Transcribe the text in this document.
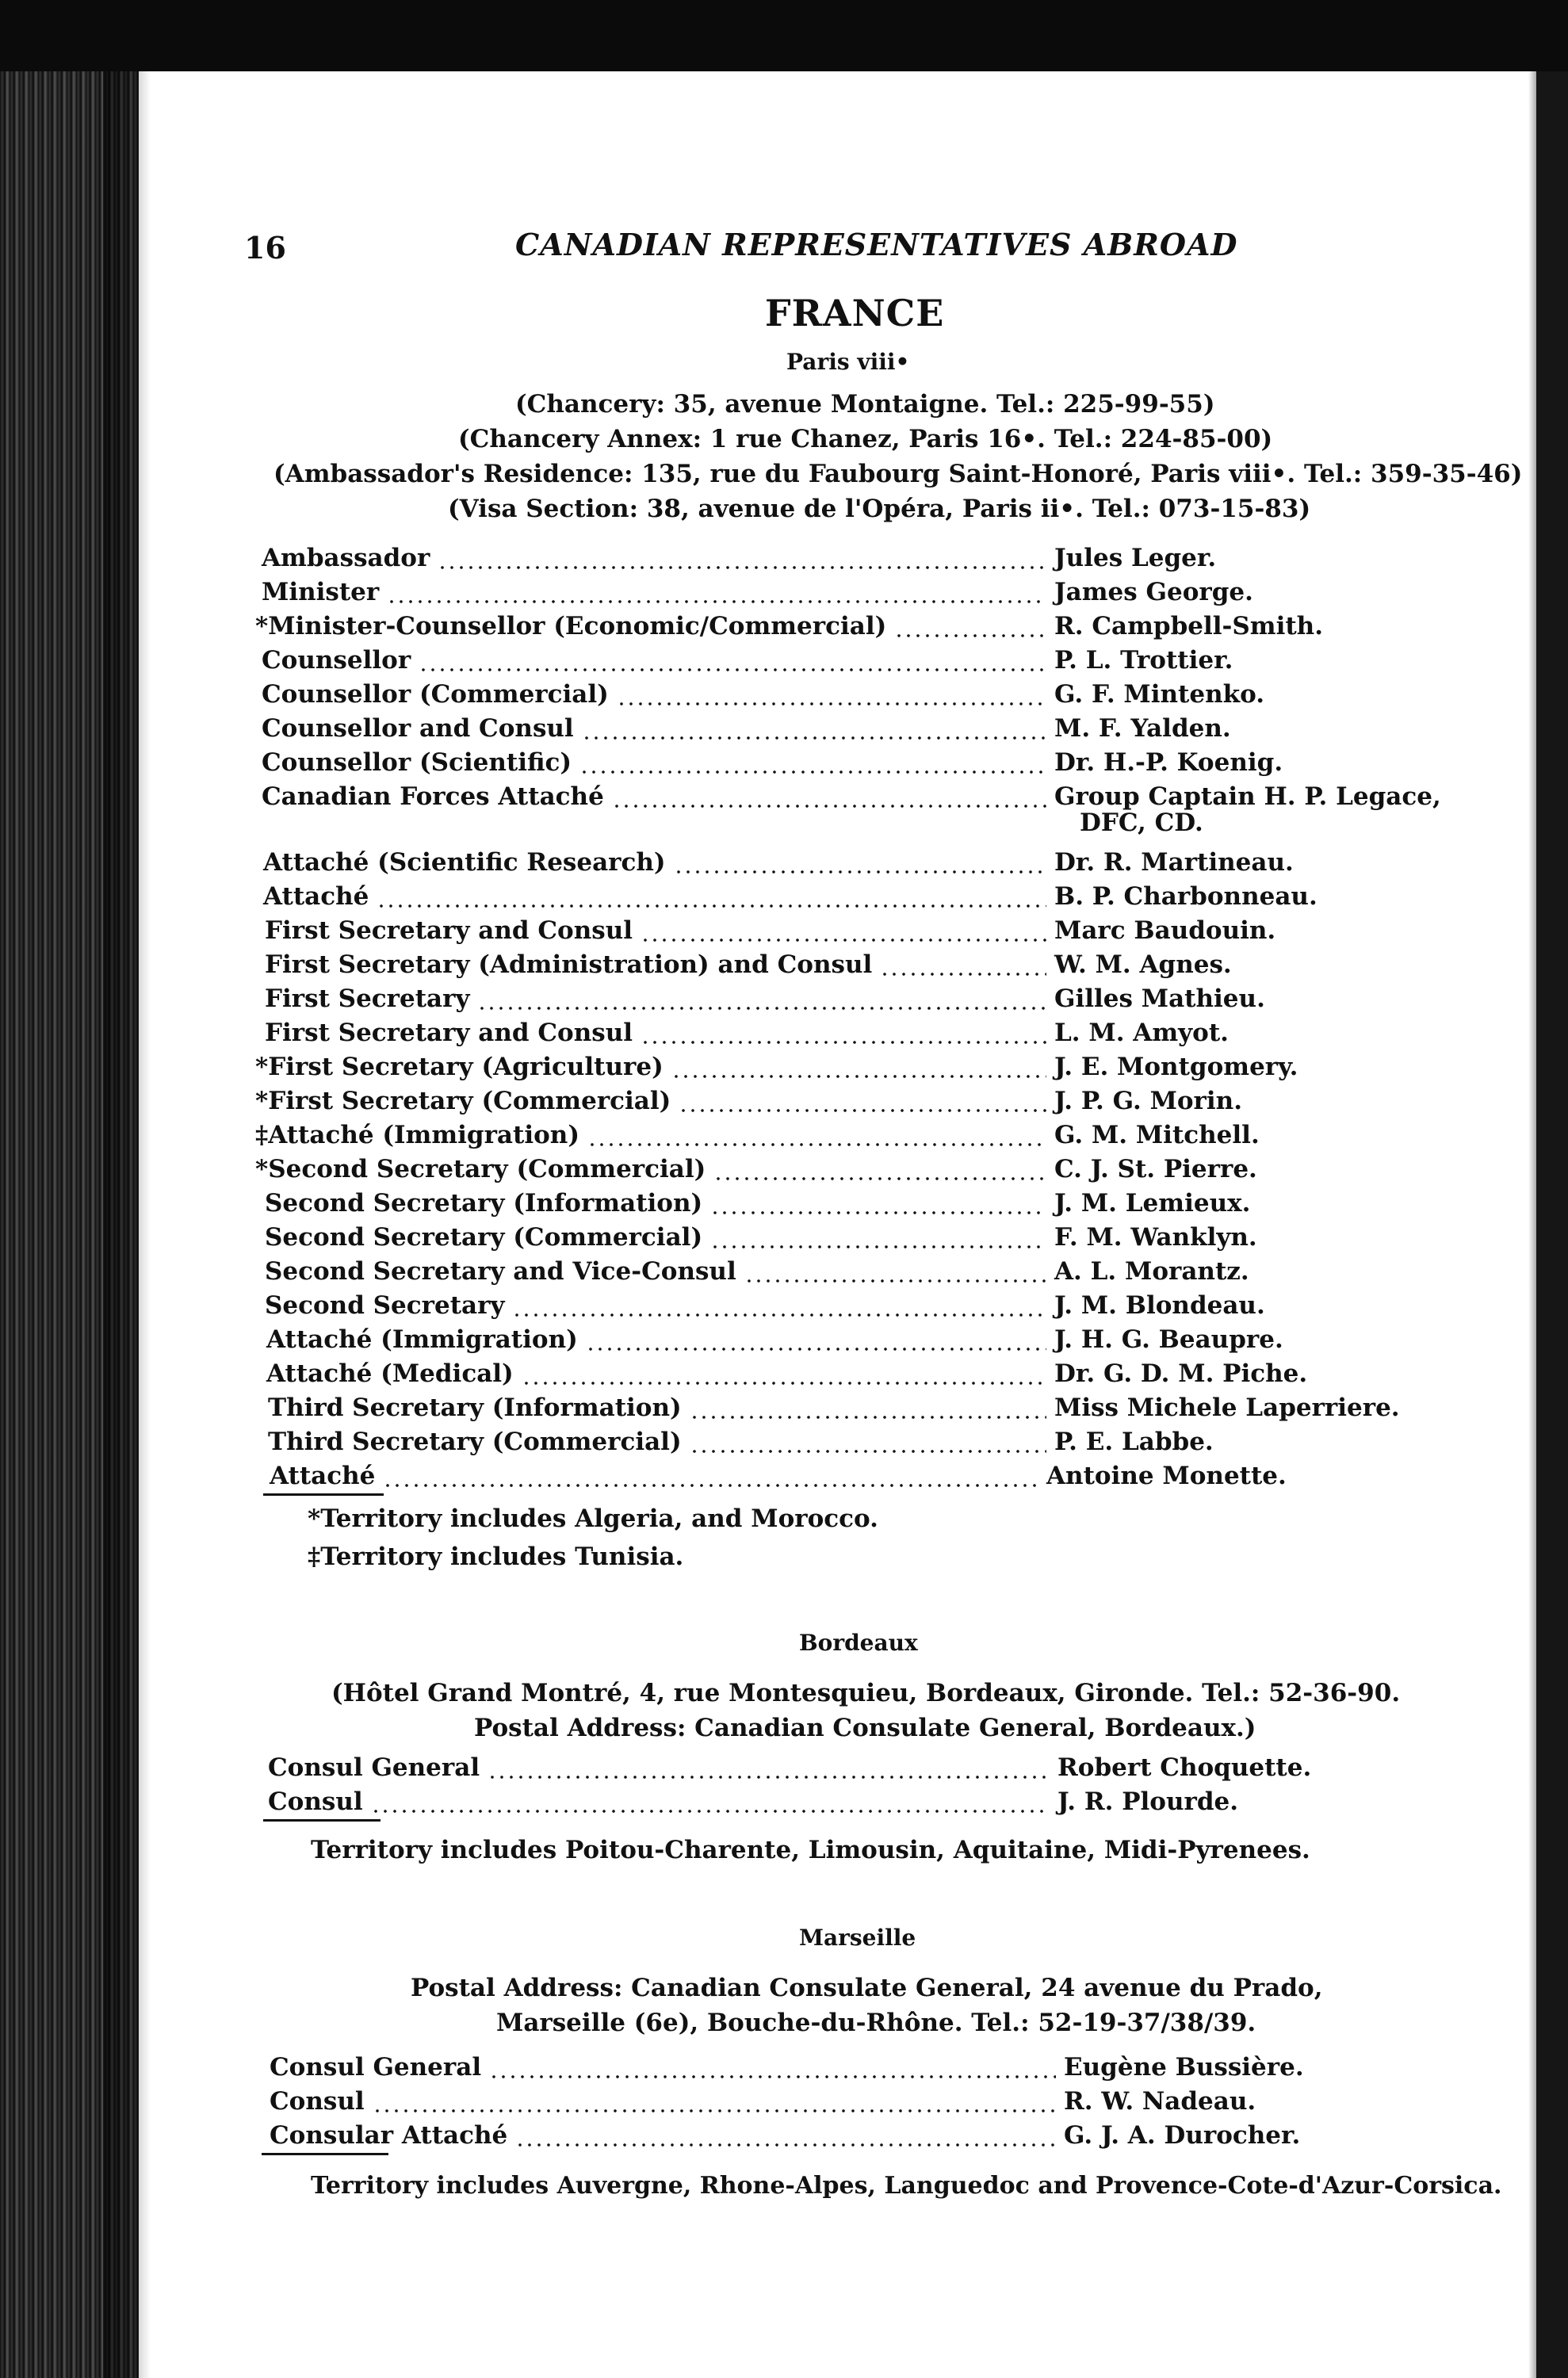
16	CANADIAN REPRESENTATIVES ABROAD
FRANCE
Paris viii•
(Chancery: 35, avenue Montaigne. Tel.: 225-99-55)
(Chancery Annex: 1 rue Chanez, Paris 16•. Tel.: 224-85-00)
(Ambassador's Residence: 135, rue du Faubourg Saint-Honoré, Paris viii•. Tel.: 359-35-46)
(Visa Section: 38, avenue de l'Opéra, Paris ii•. Tel.: 073-15-83)
Ambassador	Jules Leger.
Minister	James George.
*Minister-Counsellor (Economic/Commercial)	R. Campbell-Smith.
Counsellor	P. L. Trottier.
Counsellor (Commercial)	G. F. Mintenko.
Counsellor and Consul	M. F. Yalden.
Counsellor (Scientific)	Dr. H.-P. Koenig.
Canadian Forces Attaché	Group Captain H. P. Legace,
DFC, CD.
Attaché (Scientific Research)	Dr. R. Martineau.
Attaché	B. P. Charbonneau.
First Secretary and Consul	Marc Baudouin.
First Secretary (Administration) and Consul	W. M. Agnes.
First Secretary	Gilles Mathieu.
First Secretary and Consul	L. M. Amyot.
*First Secretary (Agriculture)	J. E. Montgomery.
*First Secretary (Commercial)	J. P. G. Morin.
‡Attaché (Immigration)	G. M. Mitchell.
*Second Secretary (Commercial)	C. J. St. Pierre.
Second Secretary (Information)	J. M. Lemieux.
Second Secretary (Commercial)	F. M. Wanklyn.
Second Secretary and Vice-Consul	A. L. Morantz.
Second Secretary	J. M. Blondeau.
Attaché (Immigration)	J. H. G. Beaupre.
Attaché (Medical)	Dr. G. D. M. Piche.
Third Secretary (Information)	Miss Michele Laperriere.
Third Secretary (Commercial)	P. E. Labbe.
Attaché	Antoine Monette.
*Territory includes Algeria, and Morocco.
‡Territory includes Tunisia.
Bordeaux
(Hôtel Grand Montré, 4, rue Montesquieu, Bordeaux, Gironde. Tel.: 52-36-90.
Postal Address: Canadian Consulate General, Bordeaux.)
Consul General	Robert Choquette.
Consul	J. R. Plourde.
Territory includes Poitou-Charente, Limousin, Aquitaine, Midi-Pyrenees.
Marseille
Postal Address: Canadian Consulate General, 24 avenue du Prado,
Marseille (6e), Bouche-du-Rhône. Tel.: 52-19-37/38/39.
Consul General	Eugène Bussière.
Consul	R. W. Nadeau.
Consular Attaché	G. J. A. Durocher.
Territory includes Auvergne, Rhone-Alpes, Languedoc and Provence-Cote-d'Azur-Corsica.
